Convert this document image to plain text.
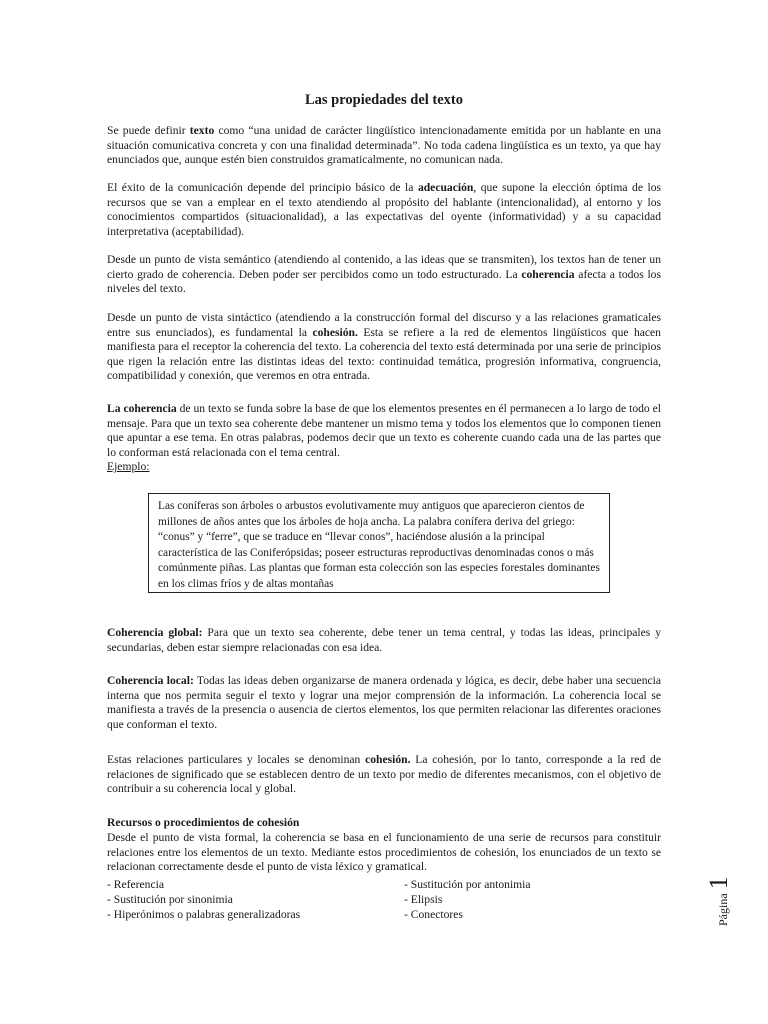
Las propiedades del texto

Se puede definir texto como “una unidad de carácter lingüístico intencionadamente emitida por un hablante en una situación comunicativa concreta y con una finalidad determinada”. No toda cadena lingüística es un texto, ya que hay enunciados que, aunque estén bien construidos gramaticalmente, no comunican nada.

El éxito de la comunicación depende del principio básico de la adecuación, que supone la elección óptima de los recursos que se van a emplear en el texto atendiendo al propósito del hablante (intencionalidad), al entorno y los conocimientos compartidos (situacionalidad), a las expectativas del oyente (informatividad) y a su capacidad interpretativa (aceptabilidad).

Desde un punto de vista semántico (atendiendo al contenido, a las ideas que se transmiten), los textos han de tener un cierto grado de coherencia. Deben poder ser percibidos como un todo estructurado. La coherencia afecta a todos los niveles del texto.

Desde un punto de vista sintáctico (atendiendo a la construcción formal del discurso y a las relaciones gramaticales entre sus enunciados), es fundamental la cohesión. Esta se refiere a la red de elementos lingüísticos que hacen manifiesta para el receptor la coherencia del texto. La coherencia del texto está determinada por una serie de principios que rigen la relación entre las distintas ideas del texto: continuidad temática, progresión informativa, congruencia, compatibilidad y conexión, que veremos en otra entrada.

La coherencia de un texto se funda sobre la base de que los elementos presentes en él permanecen a lo largo de todo el mensaje. Para que un texto sea coherente debe mantener un mismo tema y todos los elementos que lo componen tienen que apuntar a ese tema. En otras palabras, podemos decir que un texto es coherente cuando cada una de las partes que lo conforman está relacionada con el tema central.
Ejemplo:

Las coníferas son árboles o arbustos evolutivamente muy antiguos que aparecieron cientos de millones de años antes que los árboles de hoja ancha. La palabra conífera deriva del griego: “conus” y “ferre”, que se traduce en “llevar conos”, haciéndose alusión a la principal característica de las Coniferópsidas; poseer estructuras reproductivas denominadas conos o más comúnmente piñas. Las plantas que forman esta colección son las especies forestales dominantes en los climas fríos y de altas montañas

Coherencia global: Para que un texto sea coherente, debe tener un tema central, y todas las ideas, principales y secundarias, deben estar siempre relacionadas con esa idea.

Coherencia local: Todas las ideas deben organizarse de manera ordenada y lógica, es decir, debe haber una secuencia interna que nos permita seguir el texto y lograr una mejor comprensión de la información. La coherencia local se manifiesta a través de la presencia o ausencia de ciertos elementos, los que permiten relacionar las diferentes oraciones que conforman el texto.

Estas relaciones particulares y locales se denominan cohesión. La cohesión, por lo tanto, corresponde a la red de relaciones de significado que se establecen dentro de un texto por medio de diferentes mecanismos, con el objetivo de contribuir a su coherencia local y global.

Recursos o procedimientos de cohesión

Desde el punto de vista formal, la coherencia se basa en el funcionamiento de una serie de recursos para constituir relaciones entre los elementos de un texto. Mediante estos procedimientos de cohesión, los enunciados de un texto se relacionan correctamente desde el punto de vista léxico y gramatical.

- Referencia
- Sustitución por sinonimia
- Hiperónimos o palabras generalizadoras
- Sustitución por antonimia
- Elipsis
- Conectores	Página 1
